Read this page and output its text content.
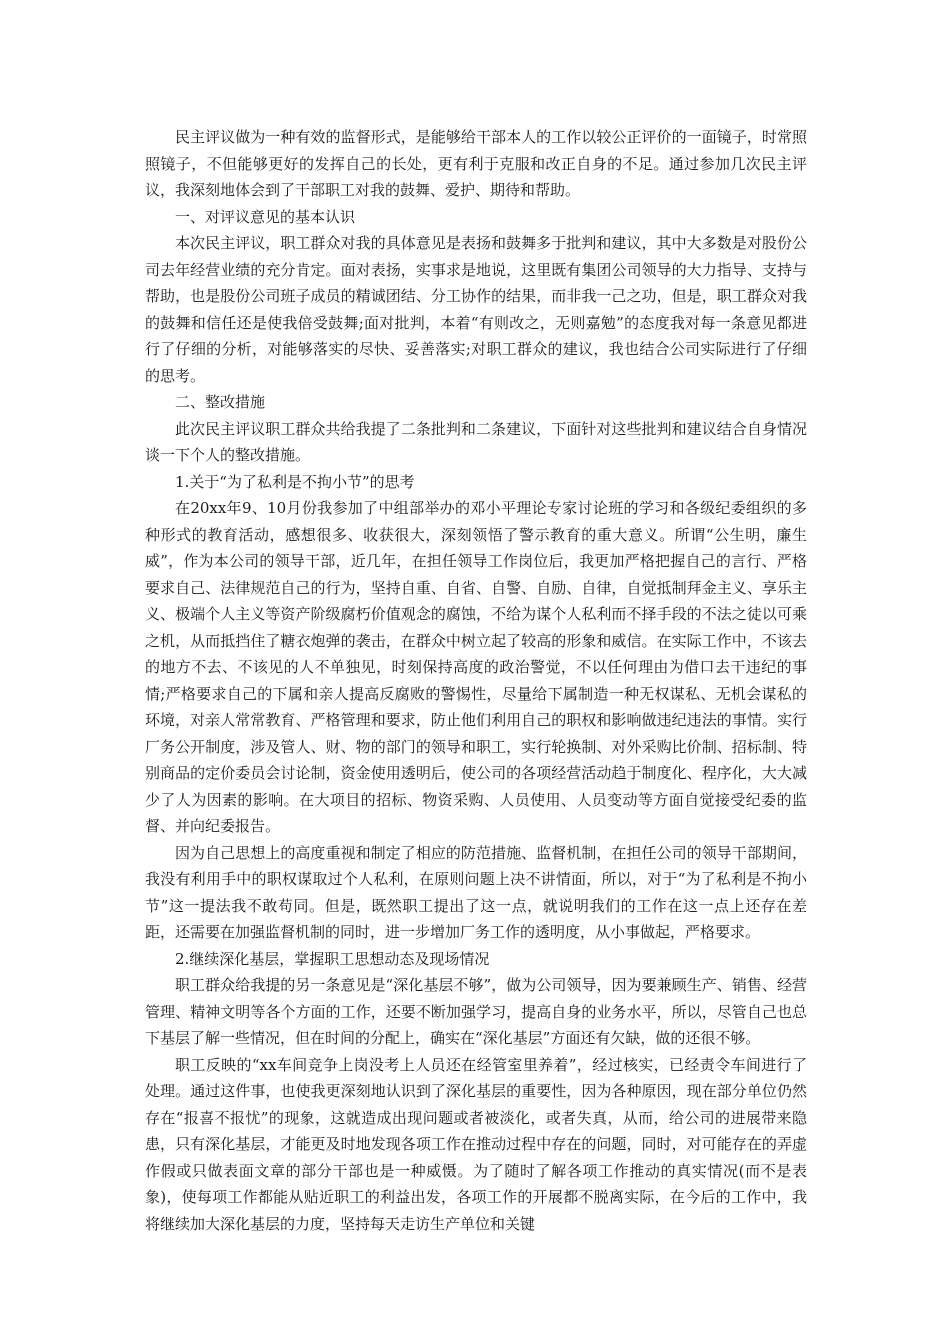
民主评议做为一种有效的监督形式，是能够给干部本人的工作以较公正评价的一面镜子，时常照照镜子，不但能够更好的发挥自己的长处，更有利于克服和改正自身的不足。通过参加几次民主评议，我深刻地体会到了干部职工对我的鼓舞、爱护、期待和帮助。

一、对评议意见的基本认识

本次民主评议，职工群众对我的具体意见是表扬和鼓舞多于批判和建议，其中大多数是对股份公司去年经营业绩的充分肯定。面对表扬，实事求是地说，这里既有集团公司领导的大力指导、支持与帮助，也是股份公司班子成员的精诚团结、分工协作的结果，而非我一己之功，但是，职工群众对我的鼓舞和信任还是使我倍受鼓舞;面对批判，本着“有则改之，无则嘉勉”的态度我对每一条意见都进行了仔细的分析，对能够落实的尽快、妥善落实;对职工群众的建议，我也结合公司实际进行了仔细的思考。

二、整改措施

此次民主评议职工群众共给我提了二条批判和二条建议，下面针对这些批判和建议结合自身情况谈一下个人的整改措施。

1.关于“为了私利是不拘小节”的思考

在20xx年9、10月份我参加了中组部举办的邓小平理论专家讨论班的学习和各级纪委组织的多种形式的教育活动，感想很多、收获很大，深刻领悟了警示教育的重大意义。所谓“公生明，廉生威”，作为本公司的领导干部，近几年，在担任领导工作岗位后，我更加严格把握自己的言行、严格要求自己、法律规范自己的行为，坚持自重、自省、自警、自励、自律，自觉抵制拜金主义、享乐主义、极端个人主义等资产阶级腐朽价值观念的腐蚀，不给为谋个人私利而不择手段的不法之徒以可乘之机，从而抵挡住了糖衣炮弹的袭击，在群众中树立起了较高的形象和威信。在实际工作中，不该去的地方不去、不该见的人不单独见，时刻保持高度的政治警觉，不以任何理由为借口去干违纪的事情;严格要求自己的下属和亲人提高反腐败的警惕性，尽量给下属制造一种无权谋私、无机会谋私的环境，对亲人常常教育、严格管理和要求，防止他们利用自己的职权和影响做违纪违法的事情。实行厂务公开制度，涉及管人、财、物的部门的领导和职工，实行轮换制、对外采购比价制、招标制、特别商品的定价委员会讨论制，资金使用透明后，使公司的各项经营活动趋于制度化、程序化，大大减少了人为因素的影响。在大项目的招标、物资采购、人员使用、人员变动等方面自觉接受纪委的监督、并向纪委报告。

因为自己思想上的高度重视和制定了相应的防范措施、监督机制，在担任公司的领导干部期间，我没有利用手中的职权谋取过个人私利，在原则问题上决不讲情面，所以，对于“为了私利是不拘小节”这一提法我不敢苟同。但是，既然职工提出了这一点，就说明我们的工作在这一点上还存在差距，还需要在加强监督机制的同时，进一步增加厂务工作的透明度，从小事做起，严格要求。

2.继续深化基层，掌握职工思想动态及现场情况

职工群众给我提的另一条意见是“深化基层不够”，做为公司领导，因为要兼顾生产、销售、经营管理、精神文明等各个方面的工作，还要不断加强学习，提高自身的业务水平，所以，尽管自己也总下基层了解一些情况，但在时间的分配上，确实在“深化基层”方面还有欠缺，做的还很不够。

职工反映的“xx车间竞争上岗没考上人员还在经管室里养着”，经过核实，已经责令车间进行了处理。通过这件事，也使我更深刻地认识到了深化基层的重要性，因为各种原因，现在部分单位仍然存在“报喜不报忧”的现象，这就造成出现问题或者被淡化，或者失真，从而，给公司的进展带来隐患，只有深化基层，才能更及时地发现各项工作在推动过程中存在的问题，同时，对可能存在的弄虚作假或只做表面文章的部分干部也是一种威慑。为了随时了解各项工作推动的真实情况(而不是表象)，使每项工作都能从贴近职工的利益出发，各项工作的开展都不脱离实际，在今后的工作中，我将继续加大深化基层的力度，坚持每天走访生产单位和关键
